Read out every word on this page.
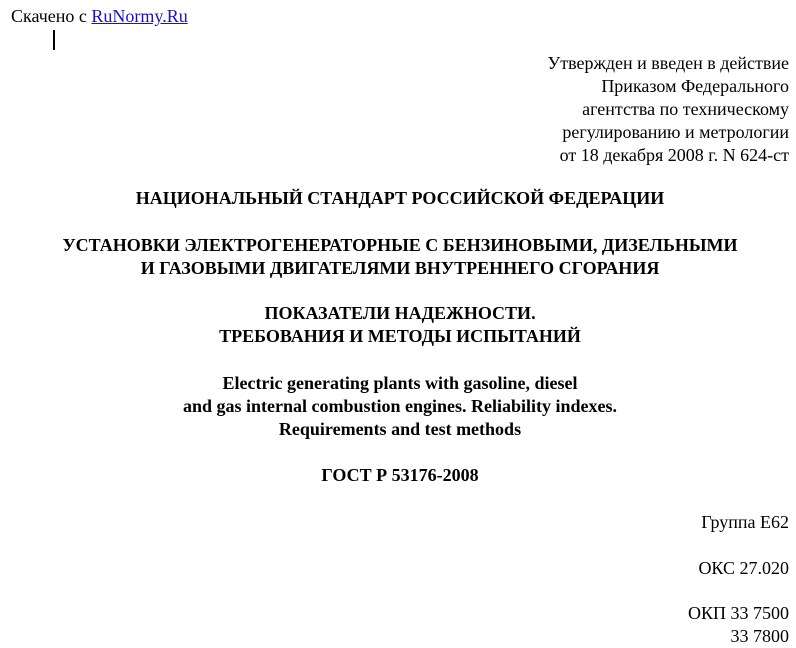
Скачено с RuNormy.Ru
Утвержден и введен в действие
Приказом Федерального
агентства по техническому
регулированию и метрологии
от 18 декабря 2008 г. N 624-ст
НАЦИОНАЛЬНЫЙ СТАНДАРТ РОССИЙСКОЙ ФЕДЕРАЦИИ
УСТАНОВКИ ЭЛЕКТРОГЕНЕРАТОРНЫЕ С БЕНЗИНОВЫМИ, ДИЗЕЛЬНЫМИ
И ГАЗОВЫМИ ДВИГАТЕЛЯМИ ВНУТРЕННЕГО СГОРАНИЯ
ПОКАЗАТЕЛИ НАДЕЖНОСТИ.
ТРЕБОВАНИЯ И МЕТОДЫ ИСПЫТАНИЙ
Electric generating plants with gasoline, diesel
and gas internal combustion engines. Reliability indexes.
Requirements and test methods
ГОСТ Р 53176-2008
Группа Е62
ОКС 27.020
ОКП 33 7500
33 7800
